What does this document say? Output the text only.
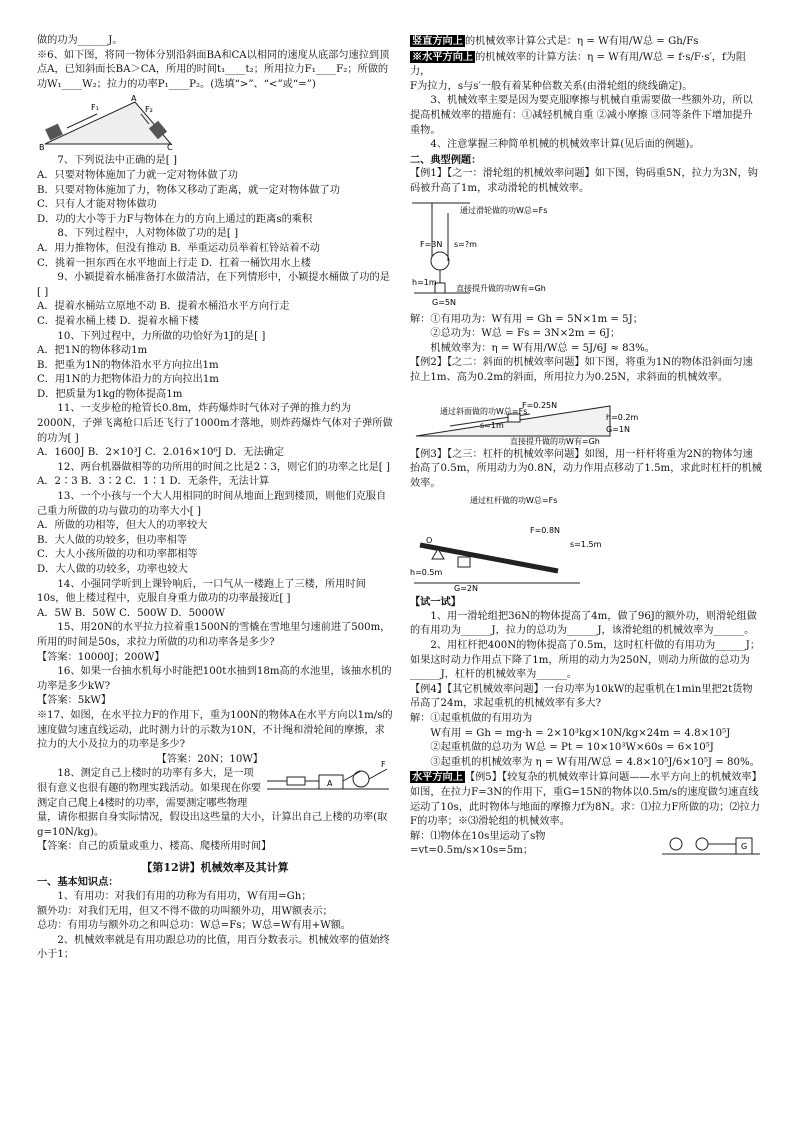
做的功为______J。

※6、如下图，将同一物体分别沿斜面BA和CA以相同的速度从底部匀速拉到顶点A，已知斜面长BA＞CA，所用的时间t₁____t₂；所用拉力F₁____F₂；所做的功W₁____W₂；拉力的功率P₁____P₂。(选填“>”、“<”或“=”)

F₁	F₂
A
B	C

7、下列说法中正确的是[ ]

A．只要对物体施加了力就一定对物体做了功

B．只要对物体施加了力，物体又移动了距离，就一定对物体做了功

C．只有人才能对物体做功

D．功的大小等于力F与物体在力的方向上通过的距离s的乘积

8、下列过程中，人对物体做了功的是[ ]

A．用力推物体，但没有推动 B．举重运动员举着杠铃站着不动

C．挑着一担东西在水平地面上行走 D．扛着一桶饮用水上楼

9、小颖提着水桶准备打水做清洁，在下列情形中，小颖提水桶做了功的是[ ]

A．提着水桶站立原地不动 B．提着水桶沿水平方向行走

C．提着水桶上楼 D．提着水桶下楼

10、下列过程中，力所做的功恰好为1J的是[ ]

A．把1N的物体移动1m

B．把重为1N的物体沿水平方向拉出1m

C．用1N的力把物体沿力的方向拉出1m

D．把质量为1kg的物体提高1m

11、一支步枪的枪管长0.8m，炸药爆炸时气体对子弹的推力约为2000N，子弹飞离枪口后还飞行了1000m才落地，则炸药爆炸气体对子弹所做的功为[ ]

A．1600J B．2×10³J C．2.016×10⁶J D．无法确定

12、两台机器做相等的功所用的时间之比是2∶3，则它们的功率之比是[ ]

A．2∶3 B．3∶2 C．1∶1 D．无条件，无法计算

13、一个小孩与一个大人用相同的时间从地面上跑到楼顶，则他们克服自己重力所做的功与做功的功率大小[ ]

A．所做的功相等，但大人的功率较大

B．大人做的功较多，但功率相等

C．大人小孩所做的功和功率都相等

D．大人做的功较多，功率也较大

14、小强同学听到上课铃响后，一口气从一楼跑上了三楼，所用时间10s，他上楼过程中，克服自身重力做功的功率最接近[ ]

A．5W B．50W C．500W D．5000W

15、用20N的水平拉力拉着重1500N的雪橇在雪地里匀速前进了500m，所用的时间是50s，求拉力所做的功和功率各是多少?

【答案：10000J；200W】

16、如果一台抽水机每小时能把100t水抽到18m高的水池里，该抽水机的功率是多少kW?

【答案：5kW】

※17、如图，在水平拉力F的作用下，重为100N的物体A在水平方向以1m/s的速度做匀速直线运动，此时测力计的示数为10N，不计绳和滑轮间的摩擦，求拉力的大小及拉力的功率是多少?

A
F

【答案：20N；10W】

18、测定自己上楼时的功率有多大，是一项很有意义也很有趣的物理实践活动。如果现在你要测定自己爬上4楼时的功率，需要测定哪些物理量，请你根据自身实际情况，假设出这些量的大小，计算出自己上楼的功率(取g=10N/kg)。

【答案：自己的质量或重力、楼高、爬楼所用时间】

【第12讲】机械效率及其计算

一、基本知识点：

1、有用功：对我们有用的功称为有用功，W有用=Gh；

额外功：对我们无用，但又不得不做的功叫额外功，用W额表示；

总功：有用功与额外功之和叫总功：W总=Fs；W总=W有用+W额。

2、机械效率就是有用功跟总功的比值，用百分数表示。机械效率的值始终小于1；

竖直方向上 的机械效率计算公式是：η = W有用/W总 = Gh/Fs

※水平方向上 的机械效率的计算方法：η = W有用/W总 = f·s/F·s′，f为阻力，

F为拉力，s与s′一般有着某种倍数关系(由滑轮组的绕线确定)。

3、机械效率主要是因为要克服摩擦与机械自重需要做一些额外功，所以提高机械效率的措施有：①减轻机械自重 ②减小摩擦 ③同等条件下增加提升重物。

4、注意掌握三种简单机械的机械效率计算(见后面的例题)。

二、典型例题：

【例1】【之一：滑轮组的机械效率问题】如下图，钩码重5N，拉力为3N，钩码被升高了1m，求动滑轮的机械效率。

通过滑轮做的功W总=Fs
F=3N s=?m
h=1m
直接提升做的功W有=Gh
G=5N

解：①有用功为：W有用 = Gh = 5N×1m = 5J；

②总功为：W总 = Fs = 3N×2m = 6J；

机械效率为：η = W有用/W总 = 5J/6J ≈ 83%。

【例2】【之二：斜面的机械效率问题】如下图，将重为1N的物体沿斜面匀速拉上1m、高为0.2m的斜面，所用拉力为0.25N，求斜面的机械效率。

通过斜面做的功W总=Fs
F=0.25N
s=1m
h=0.2m
G=1N
直接提升做的功W有=Gh

【例3】【之三：杠杆的机械效率问题】如图，用一杆杆将重为2N的物体匀速抬高了0.5m，所用动力为0.8N，动力作用点移动了1.5m，求此时杠杆的机械效率。

通过杠杆做的功W总=Fs
F=0.8N
s=1.5m
h=0.5m
G=2N
O

【试一试】

1、用一滑轮组把36N的物体提高了4m，做了96J的额外功，则滑轮组做的有用功为______J，拉力的总功为______J，该滑轮组的机械效率为______。

2、用杠杆把400N的物体提高了0.5m，这时杠杆做的有用功为______J；如果这时动力作用点下降了1m，所用的动力为250N，则动力所做的总功为______J，杠杆的机械效率为______。

【例4】【其它机械效率问题】一台功率为10kW的起重机在1min里把2t货物吊高了24m，求起重机的机械效率有多大?

解：①起重机做的有用功为

W有用 = Gh = mg·h = 2×10³kg×10N/kg×24m = 4.8×10⁵J

②起重机做的总功为 W总 = Pt = 10×10³W×60s = 6×10⁵J

③起重机的机械效率为 η = W有用/W总 = 4.8×10⁵J/6×10⁵J = 80%。

水平方向上 【例5】【较复杂的机械效率计算问题——水平方向上的机械效率】如图，在拉力F=3N的作用下，重G=15N的物体以0.5m/s的速度做匀速直线运动了10s，此时物体与地面的摩擦力f为8N。求：⑴拉力F所做的功；⑵拉力F的功率；※⑶滑轮组的机械效率。

G

解：⑴物体在10s里运动了s物=vt=0.5m/s×10s=5m；
